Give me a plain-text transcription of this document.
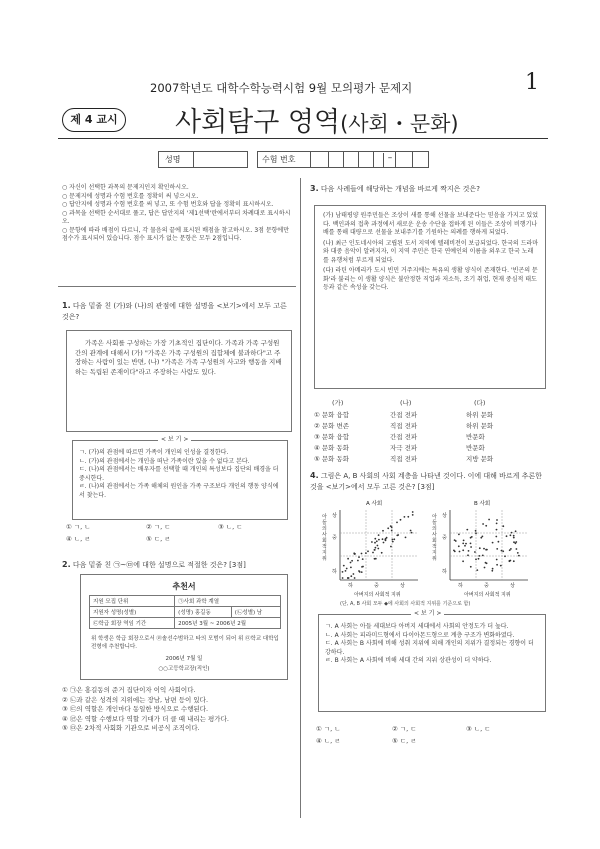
2007학년도 대학수학능력시험 9월 모의평가 문제지	1
제 4 교시	사회탐구 영역(사회・문화)
성명	수험 번호	–
○ 자신이 선택한 과목의 문제지인지 확인하시오.
○ 문제지에 성명과 수험 번호를 정확히 써 넣으시오.
○ 답안지에 성명과 수험 번호를 써 넣고, 또 수험 번호와 답을 정확히 표시하시오.
○ 과목을 선택한 순서대로 풀고, 답은 답안지의 '제1선택'란에서부터 차례대로 표시하시오.
○ 문항에 따라 배점이 다르니, 각 물음의 끝에 표시된 배점을 참고하시오. 3점 문항에만 점수가 표시되어 있습니다. 점수 표시가 없는 문항은 모두 2점입니다.
1. 다음 밑줄 친 (가)와 (나)의 관점에 대한 설명을 <보기>에서 모두 고른 것은?
가족은 사회를 구성하는 가장 기초적인 집단이다. 가족과 가족 구성원간의 관계에 대해서 (가) "가족은 가족 구성원의 집합체에 불과하다"고 주장하는 사람이 있는 반면, (나) "가족은 가족 구성원의 사고와 행동을 지배하는 독립된 존재이다"라고 주장하는 사람도 있다.
< 보 기 >
ㄱ. (가)의 관점에 따르면 가족이 개인의 인성을 결정한다.
ㄴ. (가)의 관점에서는 개인을 떠난 가족이란 있을 수 없다고 본다.
ㄷ. (나)의 관점에서는 배우자를 선택할 때 개인의 특성보다 집단의 배경을 더 중시한다.
ㄹ. (나)의 관점에서는 가족 해체의 원인을 가족 구조보다 개인의 행동 양식에서 찾는다.
① ㄱ, ㄴ	② ㄱ, ㄷ	③ ㄴ, ㄷ
④ ㄴ, ㄹ	⑤ ㄷ, ㄹ
2. 다음 밑줄 친 ㉠~㉤에 대한 설명으로 적절한 것은? [3점]
추천서
지원 모집 단위	㉠사회 과학 계열	
지원자 성명(성별)	(성명) 홍길동	(㉡성별) 남
㉢학급 회장 역임 기간	2005년 3월 ~ 2006년 2월	
위 학생은 학급 회장으로서 ㉣솔선수범하고 타의 모범이 되어 위 ㉤학교 대학입 전형에 추천합니다.
2006년 7월 일
○○고등학교장(직인)
① ㉠은 홍길동의 준거 집단이자 이익 사회이다.
② ㉡과 같은 성격의 지위에는 장남, 남편 등이 있다.
③ ㉢의 역할은 개인마다 동일한 방식으로 수행된다.
④ ㉣은 역할 수행보다 역할 기대가 더 클 때 내리는 평가다.
⑤ ㉤은 2차적 사회화 기관으로 비공식 조직이다.
3. 다음 사례들에 해당하는 개념을 바르게 짝지은 것은?
(가) 남태평양 원주민들은 조상이 새를 통해 선물을 보내준다는 믿음을 가지고 있었다. 백인과의 접촉 과정에서 새로운 운송 수단을 접하게 된 이들은 조상이 비행기나 배를 통해 대량으로 선물을 보내주기를 기원하는 의례를 행하게 되었다.
(나) 최근 인도네시아의 고립된 도서 지역에 텔레비전이 보급되었다. 한국의 드라마와 대중 음악이 알려지자, 이 지역 주민은 한국 연예인의 이름을 외우고 한국 노래를 유행처럼 부르게 되었다.
(다) 라틴 아메리카 도시 빈민 거주지에는 특유의 생활 양식이 존재한다. '빈곤의 문화'라 불리는 이 생활 양식은 불안정한 직업과 저소득, 조기 취업, 현재 중심적 태도 등과 같은 속성을 갖는다.
(가)	(나)	(다)
① 문화 융합	간접 전파	하위 문화
② 문화 변존	직접 전파	하위 문화
③ 문화 융합	간접 전파	반문화
④ 문화 동화	자극 전파	반문화
⑤ 문화 동화	직접 전파	지방 문화
4. 그림은 A, B 사회의 사회 계층을 나타낸 것이다. 이에 대해 바르게 추론한 것을 <보기>에서 모두 고른 것은? [3점]
A 사회
아들의 사회적 지위
상
중
하
하	중	상
아버지의 사회적 지위
B 사회
아들의 사회적 지위
상
중
하
하	중	상
아버지의 사회적 지위
(단, A, B 사회 모두 ◆에 사회의 사회적 지위를 기준으로 함)
< 보 기 >
ㄱ. A 사회는 아들 세대보다 아버지 세대에서 사회의 안정도가 더 높다.
ㄴ. A 사회는 피라미드형에서 다이아몬드형으로 계층 구조가 변화하였다.
ㄷ. A 사회는 B 사회에 비해 성취 지위에 의해 개인의 지위가 결정되는 경향이 더 강하다.
ㄹ. B 사회는 A 사회에 비해 세대 간의 지위 상관성이 더 약하다.
① ㄱ, ㄴ	② ㄱ, ㄷ	③ ㄴ, ㄷ
④ ㄴ, ㄹ	⑤ ㄷ, ㄹ
